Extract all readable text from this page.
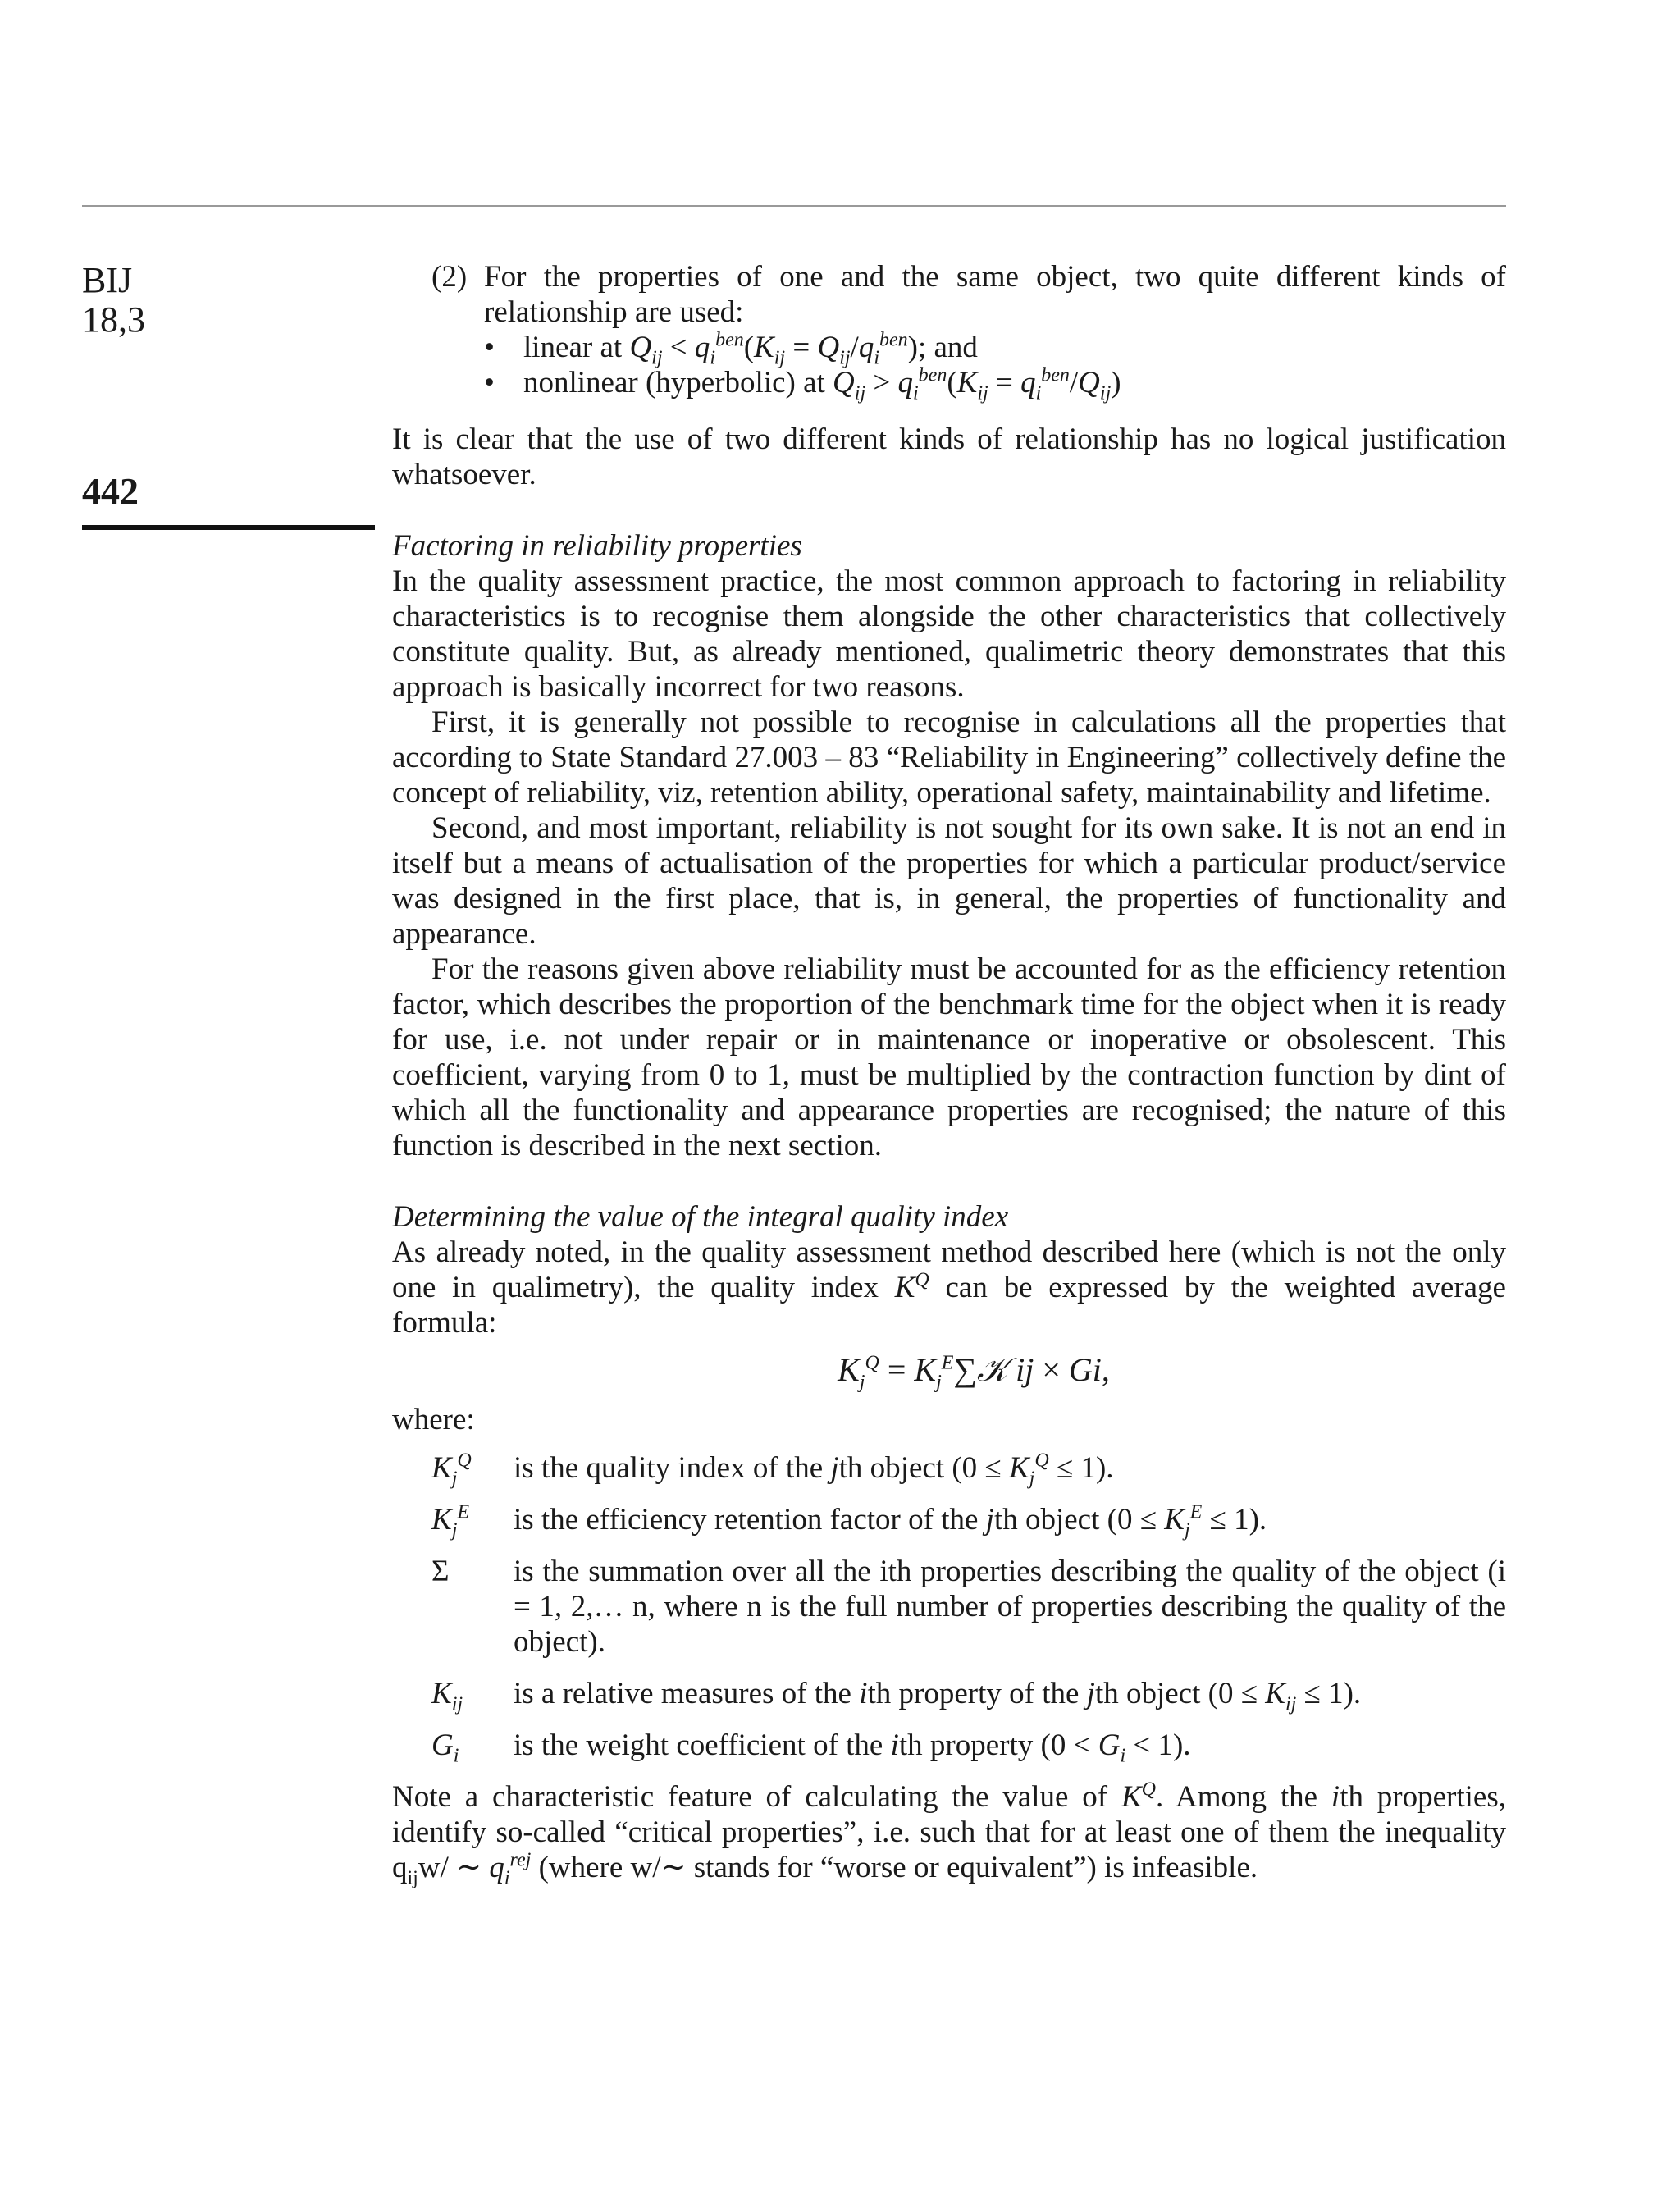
BIJ
18,3
442
(2) For the properties of one and the same object, two quite different kinds of relationship are used:
• linear at $Q_{ij} < q_i^{ben}(K_{ij} = Q_{ij}/q_i^{ben})$; and
• nonlinear (hyperbolic) at $Q_{ij} > q_i^{ben}(K_{ij} = q_i^{ben}/Q_{ij})$

It is clear that the use of two different kinds of relationship has no logical justification whatsoever.

Factoring in reliability properties

In the quality assessment practice, the most common approach to factoring in reliability characteristics is to recognise them alongside the other characteristics that collectively constitute quality. But, as already mentioned, qualimetric theory demonstrates that this approach is basically incorrect for two reasons.

First, it is generally not possible to recognise in calculations all the properties that according to State Standard 27.003 – 83 “Reliability in Engineering” collectively define the concept of reliability, viz, retention ability, operational safety, maintainability and lifetime.

Second, and most important, reliability is not sought for its own sake. It is not an end in itself but a means of actualisation of the properties for which a particular product/service was designed in the first place, that is, in general, the properties of functionality and appearance.

For the reasons given above reliability must be accounted for as the efficiency retention factor, which describes the proportion of the benchmark time for the object when it is ready for use, i.e. not under repair or in maintenance or inoperative or obsolescent. This coefficient, varying from 0 to 1, must be multiplied by the contraction function by dint of which all the functionality and appearance properties are recognised; the nature of this function is described in the next section.

Determining the value of the integral quality index

As already noted, in the quality assessment method described here (which is not the only one in qualimetry), the quality index $K^Q$ can be expressed by the weighted average formula:

$K_j^Q$ = $K_j^E\sum 𝒦$ ij × Gi,

where:

$K_j^Q$	is the quality index of the jth object $(0 \le K_j^Q \le 1)$.
$K_j^E$	is the efficiency retention factor of the jth object $(0 \le K_j^E \le 1)$.
Σ	is the summation over all the ith properties describing the quality of the object (i = 1, 2,… n, where n is the full number of properties describing the quality of the object).
$K_{ij}$	is a relative measures of the ith property of the jth object $(0 \le K_{ij} \le 1)$.
$G_i$	is the weight coefficient of the ith property $(0 < G_i < 1)$.

Note a characteristic feature of calculating the value of $K^Q$. Among the ith properties, identify so-called “critical properties”, i.e. such that for at least one of them the inequality $q_{ij}w/$ ∼ $q_i^{rej}$ (where w/∼ stands for “worse or equivalent”) is infeasible.
